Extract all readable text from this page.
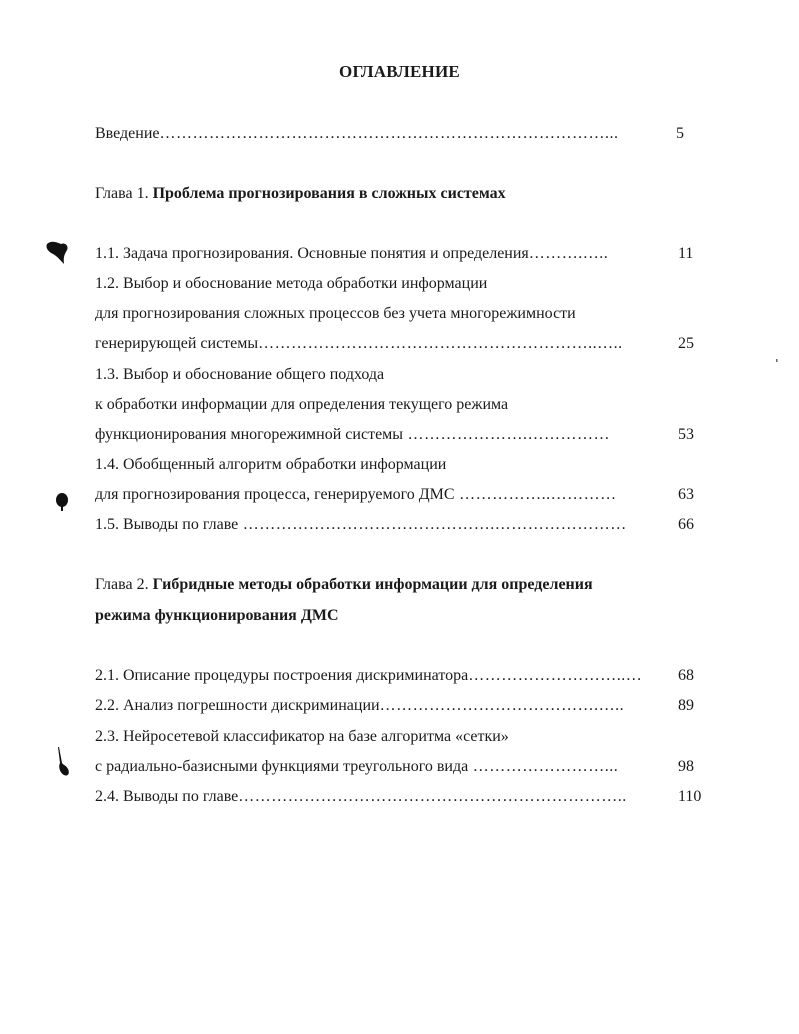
ОГЛАВЛЕНИЕ
Введение………………………………………………………………………...	5
Глава 1. Проблема прогнозирования в сложных системах
1.1. Задача прогнозирования. Основные понятия и определения……….…..	11
1.2. Выбор и обоснование метода обработки информации
для прогнозирования сложных процессов без учета многорежимности
генерирующей системы……………………………………………………..…..	25
1.3. Выбор и обоснование общего подхода
к обработки информации для определения текущего режима
функционирования многорежимной системы ………………….……………	53
1.4. Обобщенный алгоритм обработки информации
для прогнозирования процесса, генерируемого ДМС ……………..…………	63
1.5. Выводы по главе ……………………………………….……………………	66
Глава 2. Гибридные методы обработки информации для определения
режима функционирования ДМС
2.1. Описание процедуры построения дискриминатора………………………..… 68
2.2. Анализ погрешности дискриминации………………………………….…..	89
2.3. Нейросетевой классификатор на базе алгоритма «сетки»
с радиально-базисными функциями треугольного вида ……………………...	98
2.4. Выводы по главе……………………………………………………………..	110
